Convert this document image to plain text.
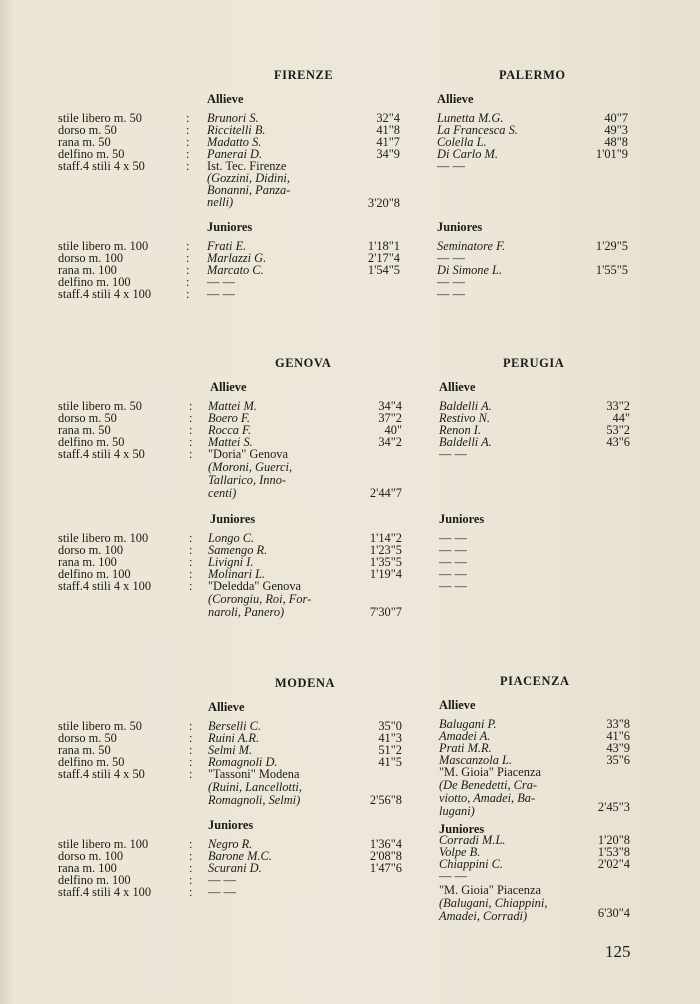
FIRENZE
Allieve
stile libero m. 50
dorso m. 50
rana m. 50
delfino m. 50
staff.4 stili 4 x 50
:
:
:
:
:
Brunori S.
Riccitelli B.
Madatto S.
Panerai D.
Ist. Tec. Firenze
(Gozzini, Didini,
Bonanni, Panza-
nelli)
32"4
41"8
41"7
34"9
3'20"8
Juniores
stile libero m. 100
dorso m. 100
rana m. 100
delfino m. 100
staff.4 stili 4 x 100
:
:
:
:
:
Frati E.
Marlazzi G.
Marcato C.
— —
— —
1'18"1
2'17"4
1'54"5
PALERMO
Allieve
Lunetta M.G.
La Francesca S.
Colella L.
Di Carlo M.
— —
40"7
49"3
48"8
1'01"9
Juniores
Seminatore F.
— —
Di Simone L.
— —
— —
1'29"5
1'55"5
GENOVA
Allieve
stile libero m. 50
dorso m. 50
rana m. 50
delfino m. 50
staff.4 stili 4 x 50
:
:
:
:
:
Mattei M.
Boero F.
Rocca F.
Mattei S.
"Doria" Genova
(Moroni, Guerci,
Tallarico, Inno-
centi)
34"4
37"2
40"
34"2
2'44"7
Juniores
stile libero m. 100
dorso m. 100
rana m. 100
delfino m. 100
staff.4 stili 4 x 100
:
:
:
:
:
Longo C.
Samengo R.
Livigni I.
Molinari L.
"Deledda" Genova
(Corongiu, Roi, For-
naroli, Panero)
1'14"2
1'23"5
1'35"5
1'19"4
7'30"7
PERUGIA
Allieve
Baldelli A.
Restivo N.
Renon I.
Baldelli A.
— —
33"2
44"
53"2
43"6
Juniores
— —
— —
— —
— —
— —
MODENA
Allieve
stile libero m. 50
dorso m. 50
rana m. 50
delfino m. 50
staff.4 stili 4 x 50
:
:
:
:
:
Berselli C.
Ruini A.R.
Selmi M.
Romagnoli D.
"Tassoni" Modena
(Ruini, Lancellotti,
Romagnoli, Selmi)
35"0
41"3
51"2
41"5
2'56"8
Juniores
stile libero m. 100
dorso m. 100
rana m. 100
delfino m. 100
staff.4 stili 4 x 100
:
:
:
:
:
Negro R.
Barone M.C.
Scurani D.
— —
— —
1'36"4
2'08"8
1'47"6
PIACENZA
Allieve
Balugani P.
Amadei A.
Prati M.R.
Mascanzola L.
"M. Gioia" Piacenza
(De Benedetti, Cra-
viotto, Amadei, Ba-
lugani)
33"8
41"6
43"9
35"6
2'45"3
Juniores
Corradi M.L.
Volpe B.
Chiappini C.
— —
"M. Gioia" Piacenza
(Balugani, Chiappini,
Amadei, Corradi)
1'20"8
1'53"8
2'02"4
6'30"4
125
